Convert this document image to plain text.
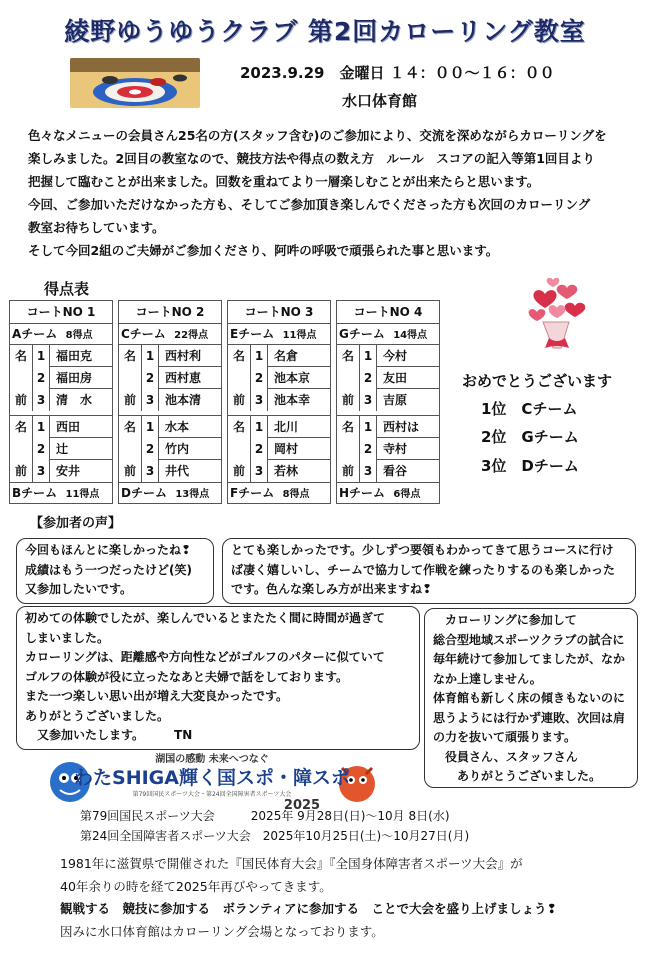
綾野ゆうゆうクラブ 第2回カローリング教室
2023.9.29　金曜日 １４：００～１６：００
水口体育館

色々なメニューの会員さん25名の方(スタッフ含む)のご参加により、交流を深めながらカローリングを

楽しみました。2回目の教室なので、競技方法や得点の数え方　ルール　スコアの記入等第1回目より

把握して臨むことが出来ました。回数を重ねてより一層楽しむことが出来たらと思います。

今回、ご参加いただけなかった方も、そしてご参加頂き楽しんでくださった方も次回のカローリング

教室お待ちしています。

そして今回2組のご夫婦がご参加くださり、阿吽の呼吸で頑張られた事と思います。

得点表
コートNO 1
Aチーム 8得点
名 1 福田克
2 福田房
前 3 清　水
名 1 西田
2 辻
前 3 安井
Bチーム 11得点
コートNO 2
Cチーム 22得点
名 1 西村利
2 西村恵
前 3 池本清
名 1 水本
2 竹内
前 3 井代
Dチーム 13得点
コートNO 3
Eチーム 11得点
名 1 名倉
2 池本京
前 3 池本幸
名 1 北川
2 岡村
前 3 若林
Fチーム 8得点
コートNO 4
Gチーム 14得点
名 1 今村
2 友田
前 3 吉原
名 1 西村は
2 寺村
前 3 看谷
Hチーム 6得点
おめでとうございます
1位　Cチーム
2位　Gチーム
3位　Dチーム
【参加者の声】

今回もほんとに楽しかったね❢

成績はもう一つだったけど(笑)

又参加したいです。

とても楽しかったです。少しずつ要領もわかってきて思うコースに行け

ば凄く嬉しいし、チームで協力して作戦を練ったりするのも楽しかった

です。色んな楽しみ方が出来ますね❢

初めての体験でしたが、楽しんでいるとまたたく間に時間が過ぎて

しまいました。

カローリングは、距離感や方向性などがゴルフのパターに似ていて

ゴルフの体験が役に立ったなあと夫婦で話をしております。

また一つ楽しい思い出が増え大変良かったです。

ありがとうございました。

　又参加いたします。　　　TN

　カローリングに参加して

総合型地域スポーツクラブの試合に

毎年続けて参加してましたが、なか

なか上達しません。

体育館も新しく床の傾きもないのに

思うようには行かず連敗、次回は肩

の力を抜いて頑張ります。

　役員さん、スタッフさん

　　ありがとうございました。

湖国の感動 未来へつなぐ
わたSHIGA輝く国スポ・障スポ
第79回国民スポーツ大会・第24回全国障害者スポーツ大会
2025

第79回国民スポーツ大会　　　2025年 9月28日(日)～10月 8日(水)

第24回全国障害者スポーツ大会　2025年10月25日(土)～10月27日(月)

1981年に滋賀県で開催された『国民体育大会』『全国身体障害者スポーツ大会』が

40年余りの時を経て2025年再びやってきます。

観戦する　競技に参加する　ボランティアに参加する　ことで大会を盛り上げましょう❢

因みに水口体育館はカローリング会場となっております。
